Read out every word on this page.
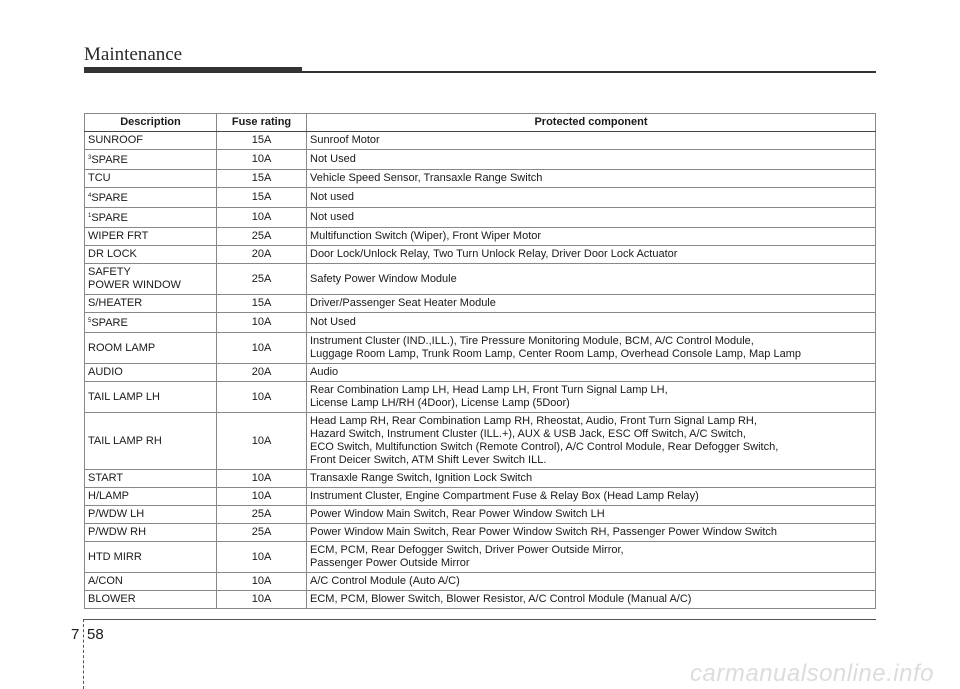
Maintenance
Description	Fuse rating	Protected component
SUNROOF	15A	Sunroof Motor
$^3$SPARE	10A	Not Used
TCU	15A	Vehicle Speed Sensor, Transaxle Range Switch
$^4$SPARE	15A	Not used
$^1$SPARE	10A	Not used
WIPER FRT	25A	Multifunction Switch (Wiper), Front Wiper Motor
DR LOCK	20A	Door Lock/Unlock Relay, Two Turn Unlock Relay, Driver Door Lock Actuator
SAFETY
POWER WINDOW	25A	Safety Power Window Module
S/HEATER	15A	Driver/Passenger Seat Heater Module
$^5$SPARE	10A	Not Used
ROOM LAMP	10A	Instrument Cluster (IND.,ILL.), Tire Pressure Monitoring Module, BCM, A/C Control Module,
Luggage Room Lamp, Trunk Room Lamp, Center Room Lamp, Overhead Console Lamp, Map Lamp
AUDIO	20A	Audio
TAIL LAMP LH	10A	Rear Combination Lamp LH, Head Lamp LH, Front Turn Signal Lamp LH,
License Lamp LH/RH (4Door), License Lamp (5Door)
TAIL LAMP RH	10A	Head Lamp RH, Rear Combination Lamp RH, Rheostat, Audio, Front Turn Signal Lamp RH,
Hazard Switch, Instrument Cluster (ILL.+), AUX & USB Jack, ESC Off Switch, A/C Switch,
ECO Switch, Multifunction Switch (Remote Control), A/C Control Module, Rear Defogger Switch,
Front Deicer Switch, ATM Shift Lever Switch ILL.
START	10A	Transaxle Range Switch, Ignition Lock Switch
H/LAMP	10A	Instrument Cluster, Engine Compartment Fuse & Relay Box (Head Lamp Relay)
P/WDW LH	25A	Power Window Main Switch, Rear Power Window Switch LH
P/WDW RH	25A	Power Window Main Switch, Rear Power Window Switch RH, Passenger Power Window Switch
HTD MIRR	10A	ECM, PCM, Rear Defogger Switch, Driver Power Outside Mirror,
Passenger Power Outside Mirror
A/CON	10A	A/C Control Module (Auto A/C)
BLOWER	10A	ECM, PCM, Blower Switch, Blower Resistor, A/C Control Module (Manual A/C)
7 58
carmanualsonline.info
